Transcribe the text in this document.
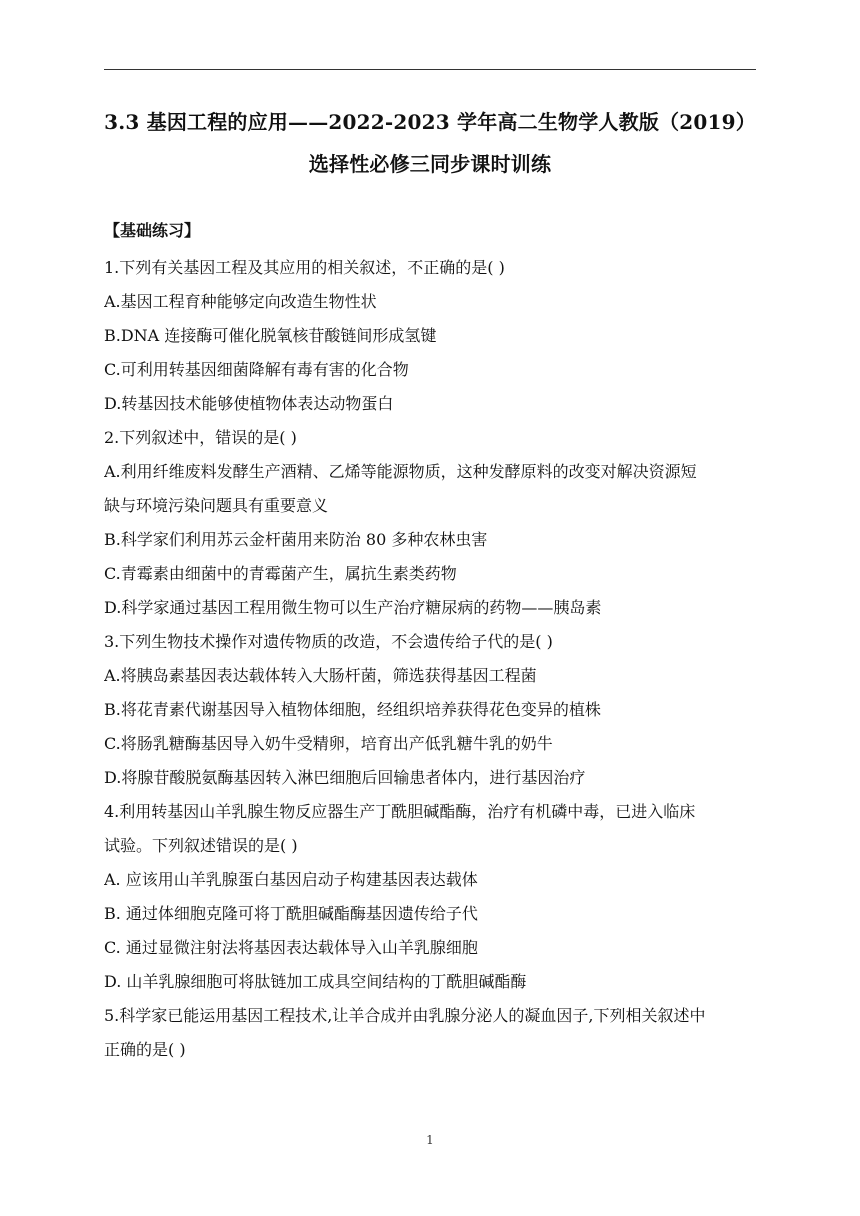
3.3 基因工程的应用——2022-2023 学年高二生物学人教版（2019）
选择性必修三同步课时训练
【基础练习】
1.下列有关基因工程及其应用的相关叙述，不正确的是( )
A.基因工程育种能够定向改造生物性状
B.DNA 连接酶可催化脱氧核苷酸链间形成氢键
C.可利用转基因细菌降解有毒有害的化合物
D.转基因技术能够使植物体表达动物蛋白
2.下列叙述中，错误的是( )
A.利用纤维废料发酵生产酒精、乙烯等能源物质，这种发酵原料的改变对解决资源短
缺与环境污染问题具有重要意义
B.科学家们利用苏云金杆菌用来防治 80 多种农林虫害
C.青霉素由细菌中的青霉菌产生，属抗生素类药物
D.科学家通过基因工程用微生物可以生产治疗糖尿病的药物——胰岛素
3.下列生物技术操作对遗传物质的改造，不会遗传给子代的是( )
A.将胰岛素基因表达载体转入大肠杆菌，筛选获得基因工程菌
B.将花青素代谢基因导入植物体细胞，经组织培养获得花色变异的植株
C.将肠乳糖酶基因导入奶牛受精卵，培育出产低乳糖牛乳的奶牛
D.将腺苷酸脱氨酶基因转入淋巴细胞后回输患者体内，进行基因治疗
4.利用转基因山羊乳腺生物反应器生产丁酰胆碱酯酶，治疗有机磷中毒，已进入临床
试验。下列叙述错误的是( )
A. 应该用山羊乳腺蛋白基因启动子构建基因表达载体
B. 通过体细胞克隆可将丁酰胆碱酯酶基因遗传给子代
C. 通过显微注射法将基因表达载体导入山羊乳腺细胞
D. 山羊乳腺细胞可将肽链加工成具空间结构的丁酰胆碱酯酶
5.科学家已能运用基因工程技术,让羊合成并由乳腺分泌人的凝血因子,下列相关叙述中
正确的是( )
1
